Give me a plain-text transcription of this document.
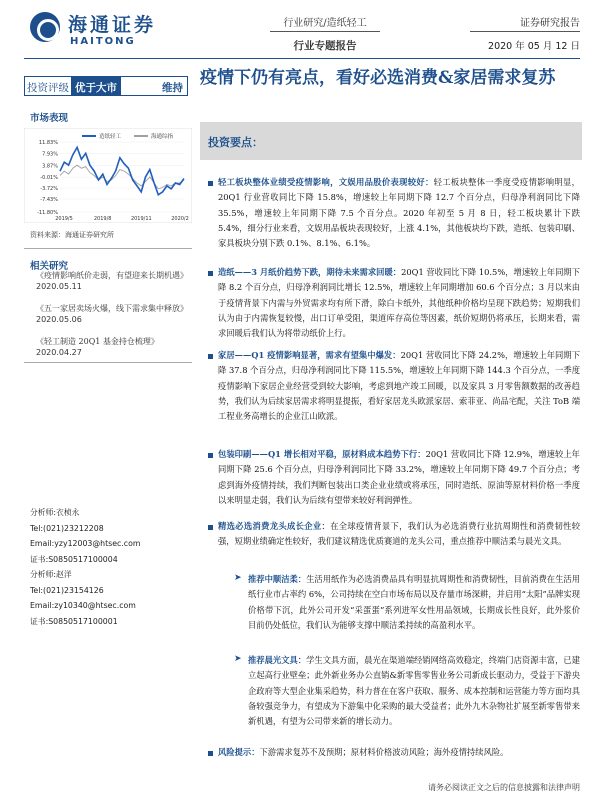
海通证券
HAITONG
行业研究/造纸轻工
行业专题报告
证券研究报告
2020 年 05 月 12 日
投资评级 优于大市	维持
市场表现
11.83%
7.93%
3.87%
-0.01%
-3.72%
-7.43%
-11.80%
2019/5	2019/8	2019/11	2020/2
造纸轻工	海通综指
资料来源：海通证券研究所
相关研究
《疫情影响纸价走弱，有望迎来长期机遇》
2020.05.11
《五一家居卖场火爆，线下需求集中释放》
2020.05.06
《轻工制造 20Q1 基金持仓梳理》
2020.04.27
分析师:衣桢永
Tel:(021)23212208
Email:yzy12003@htsec.com
证书:S0850517100004
分析师:赵洋
Tel:(021)23154126
Email:zy10340@htsec.com
证书:S0850517100001
疫情下仍有亮点，看好必选消费&家居需求复苏
投资要点：
轻工板块整体业绩受疫情影响，文娱用品股价表现较好：轻工板块整体一季度受疫情影响明显，20Q1 行业营收同比下降 15.8%，增速较上年同期下降 12.7 个百分点，归母净利润同比下降 35.5%，增速较上年同期下降 7.5 个百分点。2020 年初至 5 月 8 日，轻工板块累计下跌 5.4%，细分行业来看，文娱用品板块表现较好，上涨 4.1%，其他板块均下跌，造纸、包装印刷、家具板块分别下跌 0.1%、8.1%、6.1%。
造纸——3 月纸价趋势下跌，期待未来需求回暖：20Q1 营收同比下降 10.5%，增速较上年同期下降 8.2 个百分点，归母净利润同比增长 12.5%，增速较上年同期增加 60.6 个百分点；3 月以来由于疫情背景下内需与外贸需求均有所下滑，除白卡纸外，其他纸种价格均呈现下跌趋势；短期我们认为由于内需恢复较慢，出口订单受阻，渠道库存高位等因素，纸价短期仍将承压，长期来看，需求回暖后我们认为将带动纸价上行。
家居——Q1 疫情影响显著，需求有望集中爆发：20Q1 营收同比下降 24.2%，增速较上年同期下降 37.8 个百分点，归母净利润同比下降 115.5%，增速较上年同期下降 144.3 个百分点，一季度疫情影响下家居企业经营受到较大影响，考虑到地产竣工回暖，以及家具 3 月零售额数据的改善趋势，我们认为后续家居需求将明显提振，看好家居龙头欧派家居、索菲亚、尚品宅配，关注 ToB 端工程业务高增长的企业江山欧派。
包装印刷——Q1 增长相对平稳，原材料成本趋势下行：20Q1 营收同比下降 12.9%，增速较上年同期下降 25.6 个百分点，归母净利润同比下降 33.2%，增速较上年同期下降 49.7 个百分点；考虑到海外疫情持续，我们判断包装出口类企业业绩或将承压，同时造纸、原油等原材料价格一季度以来明显走弱，我们认为后续有望带来较好利润弹性。
精选必选消费龙头成长企业：在全球疫情背景下，我们认为必选消费行业抗周期性和消费韧性较强，短期业绩确定性较好，我们建议精选优质赛道的龙头公司，重点推荐中顺洁柔与晨光文具。
➤ 推荐中顺洁柔：生活用纸作为必选消费品具有明显抗周期性和消费韧性，目前消费在生活用纸行业市占率约 6%，公司持续在空白市场布局以及存量市场深耕，并启用“太阳”品牌实现价格带下沉，此外公司开发“采蛋蛋”系列进军女性用品领域，长期成长性良好，此外浆价目前仍处低位，我们认为能够支撑中顺洁柔持续的高盈利水平。
➤ 推荐晨光文具：学生文具方面，晨光在渠道端经销网络高效稳定，终端门店资源丰富，已建立起高行业壁垒；此外新业务办公直销&新零售零售业务公司新成长驱动力，受益于下游央企政府等大型企业集采趋势，科力普在在客户获取、服务、成本控制和运营能力等方面均具备较强竞争力，有望成为下游集中化采购的最大受益者；此外九木杂物社扩展至新零售带来新机遇，有望为公司带来新的增长动力。
风险提示：下游需求复苏不及预期；原材料价格波动风险；海外疫情持续风险。
请务必阅读正文之后的信息披露和法律声明
